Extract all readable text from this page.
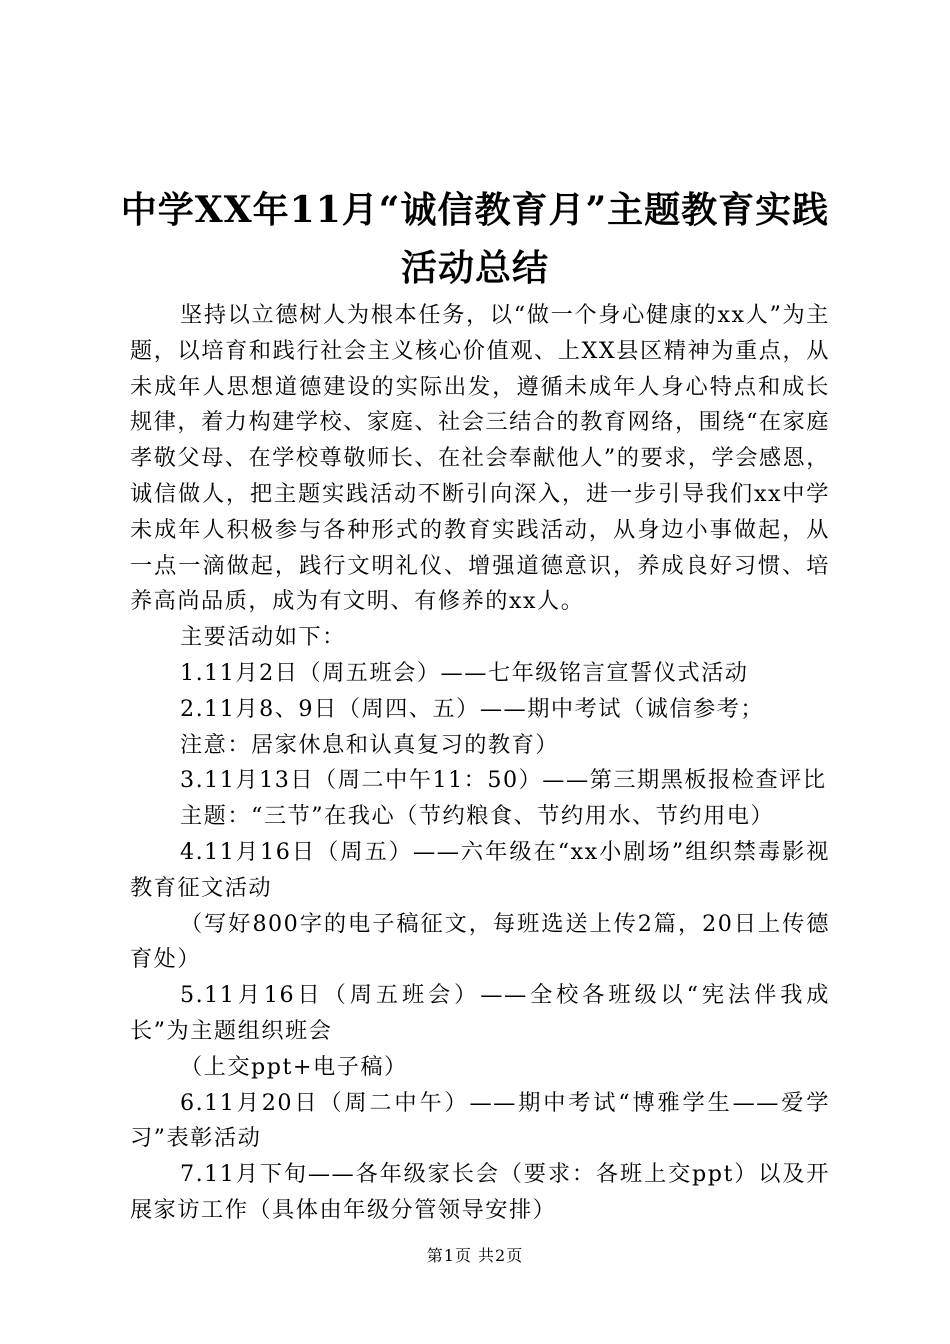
中学XX年11月“诚信教育月”主题教育实践
活动总结

坚持以立德树人为根本任务，以“做一个身心健康的xx人”为主题，以培育和践行社会主义核心价值观、上XX县区精神为重点，从未成年人思想道德建设的实际出发，遵循未成年人身心特点和成长规律，着力构建学校、家庭、社会三结合的教育网络，围绕“在家庭孝敬父母、在学校尊敬师长、在社会奉献他人”的要求，学会感恩，诚信做人，把主题实践活动不断引向深入，进一步引导我们xx中学未成年人积极参与各种形式的教育实践活动，从身边小事做起，从一点一滴做起，践行文明礼仪、增强道德意识，养成良好习惯、培养高尚品质，成为有文明、有修养的xx人。

主要活动如下：

1.11月2日（周五班会）——七年级铭言宣誓仪式活动

2.11月8、9日（周四、五）——期中考试（诚信参考；

注意：居家休息和认真复习的教育）

3.11月13日（周二中午11：50）——第三期黑板报检查评比

主题：“三节”在我心（节约粮食、节约用水、节约用电）

4.11月16日（周五）——六年级在“xx小剧场”组织禁毒影视教育征文活动

（写好800字的电子稿征文，每班选送上传2篇，20日上传德育处）

5.11月16日（周五班会）——全校各班级以“宪法伴我成长”为主题组织班会

（上交ppt+电子稿）

6.11月20日（周二中午）——期中考试“博雅学生——爱学习”表彰活动

7.11月下旬——各年级家长会（要求：各班上交ppt）以及开展家访工作（具体由年级分管领导安排）

第1页 共2页
